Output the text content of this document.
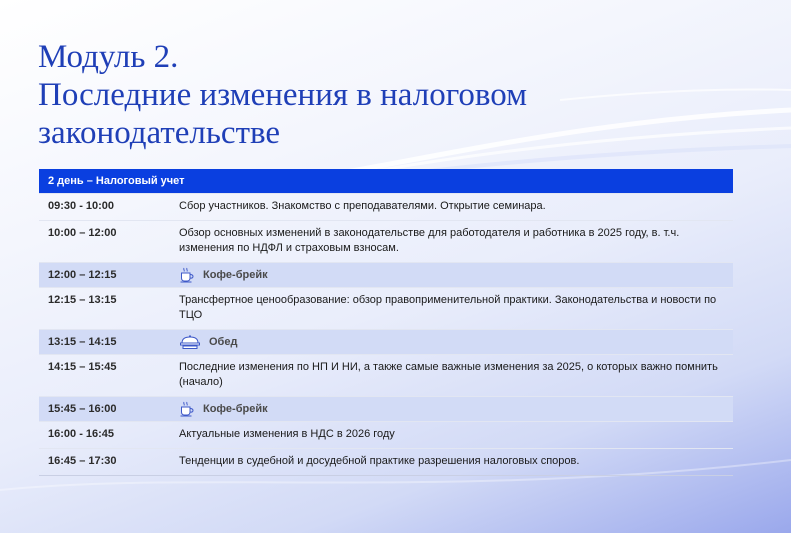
Модуль 2.
Последние изменения в налоговом
законодательстве
2 день – Налоговый учет
09:30 - 10:00	Сбор участников. Знакомство с преподавателями. Открытие семинара.
10:00 – 12:00	Обзор основных изменений в законодательстве для работодателя и работника в 2025 году, в. т.ч. изменения по НДФЛ и страховым взносам.
12:00 – 12:15	Кофе-брейк
12:15 – 13:15	Трансфертное ценообразование: обзор правоприменительной практики. Законодательства и новости по ТЦО
13:15 – 14:15	Обед
14:15 – 15:45	Последние изменения по НП И НИ, а также самые важные изменения за 2025, о которых важно помнить (начало)
15:45 – 16:00	Кофе-брейк
16:00 - 16:45	Актуальные изменения в НДС в 2026 году
16:45 – 17:30	Тенденции в судебной и досудебной практике разрешения налоговых споров.
